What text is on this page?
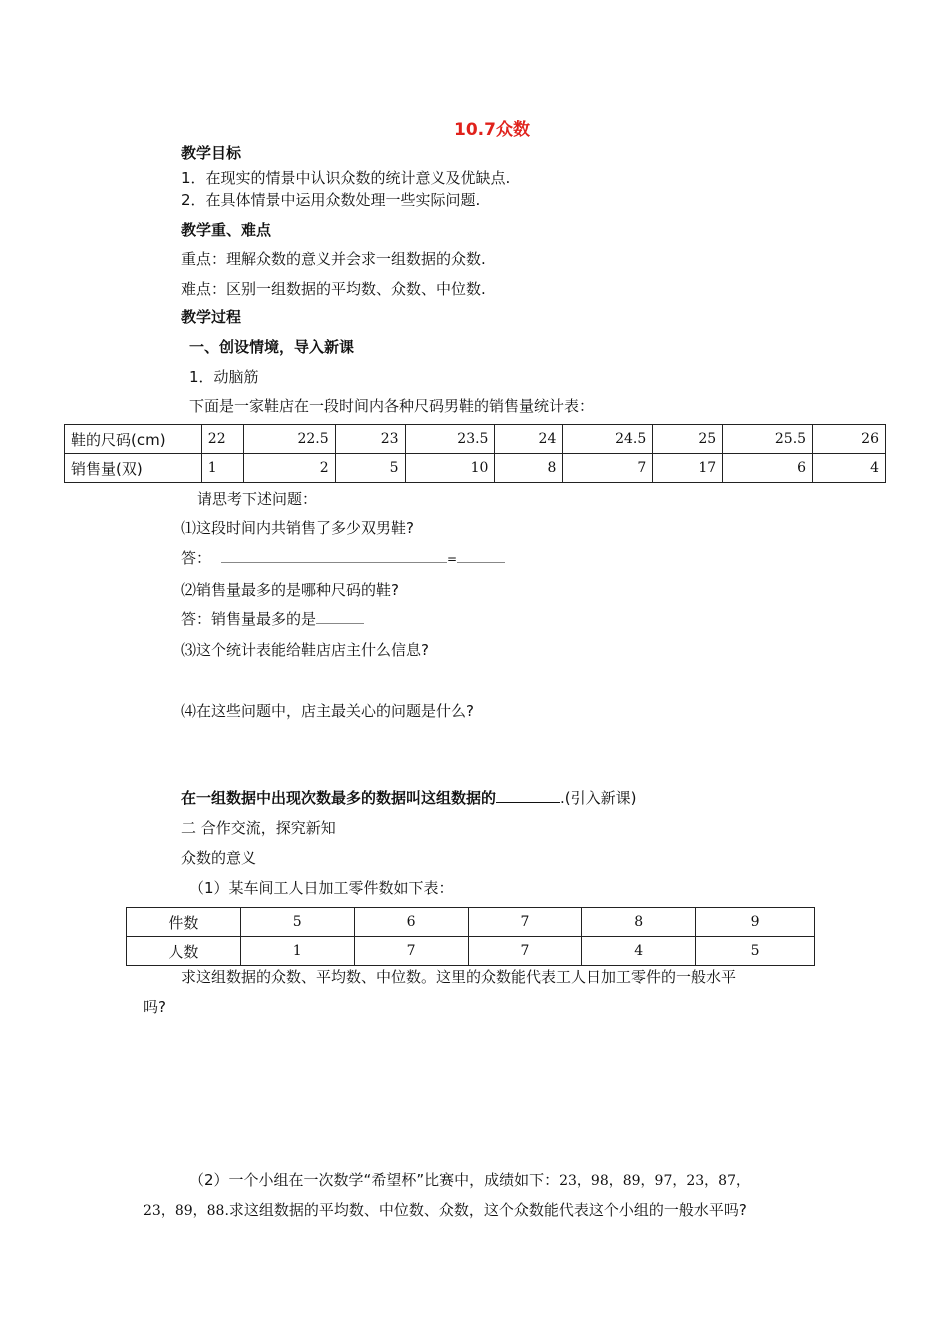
10.7众数
教学目标
1．在现实的情景中认识众数的统计意义及优缺点.
2．在具体情景中运用众数处理一些实际问题.
教学重、难点
重点：理解众数的意义并会求一组数据的众数.
难点：区别一组数据的平均数、众数、中位数.
教学过程
一、创设情境，导入新课
1．动脑筋
下面是一家鞋店在一段时间内各种尺码男鞋的销售量统计表：
鞋的尺码(cm)	22	22.5	23	23.5	24	24.5	25	25.5	26
销售量(双)	1	2	5	10	8	7	17	6	4
请思考下述问题：
⑴这段时间内共销售了多少双男鞋?
答：	=
⑵销售量最多的是哪种尺码的鞋?
答：销售量最多的是
⑶这个统计表能给鞋店店主什么信息?
⑷在这些问题中，店主最关心的问题是什么?
在一组数据中出现次数最多的数据叫这组数据的	.(引入新课)
二 合作交流，探究新知
众数的意义
（1）某车间工人日加工零件数如下表：
件数	5	6	7	8	9
人数	1	7	7	4	5
求这组数据的众数、平均数、中位数。这里的众数能代表工人日加工零件的一般水平
吗?
（2）一个小组在一次数学“希望杯”比赛中，成绩如下：23，98，89，97，23，87，
23，89，88.求这组数据的平均数、中位数、众数，这个众数能代表这个小组的一般水平吗?
